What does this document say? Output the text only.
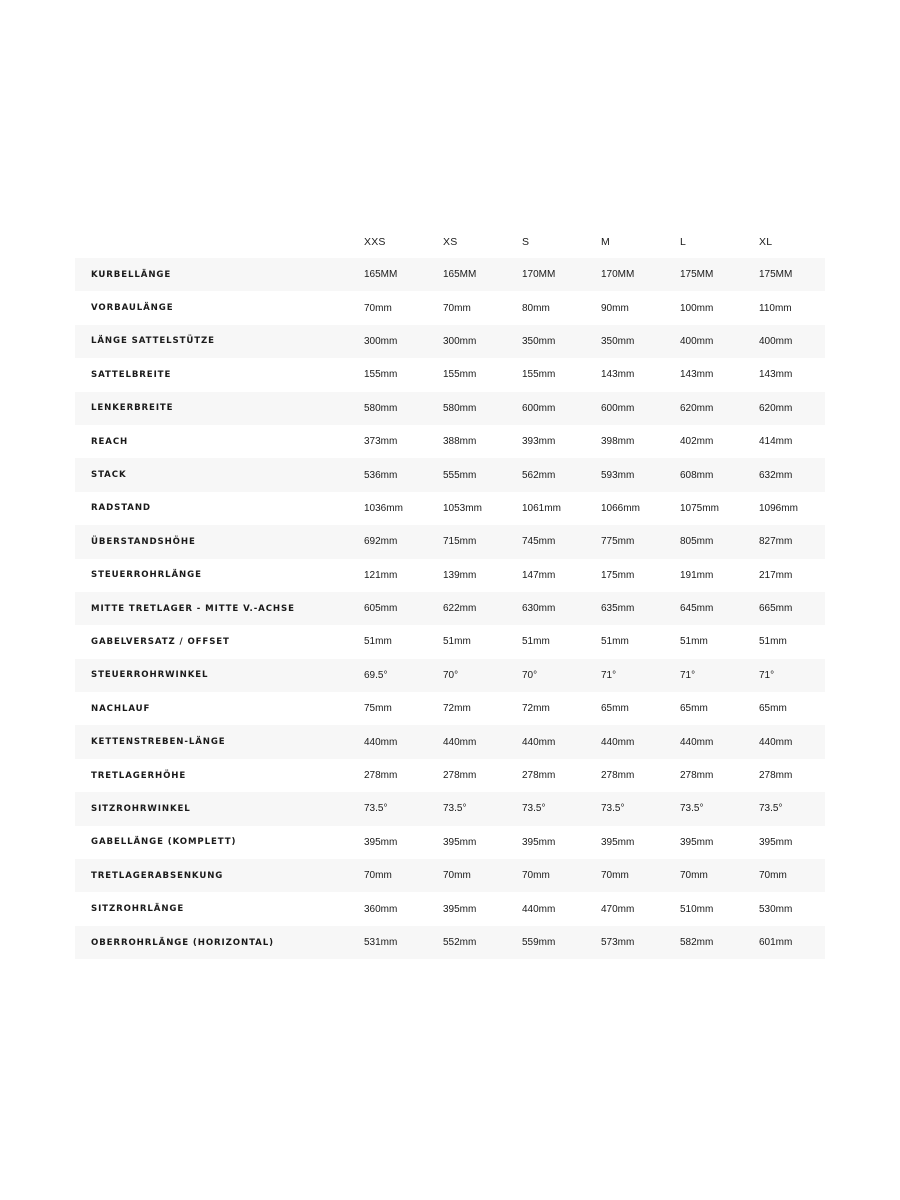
	XXS	XS	S	M	L	XL
KURBELLÄNGE	165MM	165MM	170MM	170MM	175MM	175MM
VORBAULÄNGE	70mm	70mm	80mm	90mm	100mm	110mm
LÄNGE SATTELSTÜTZE	300mm	300mm	350mm	350mm	400mm	400mm
SATTELBREITE	155mm	155mm	155mm	143mm	143mm	143mm
LENKERBREITE	580mm	580mm	600mm	600mm	620mm	620mm
REACH	373mm	388mm	393mm	398mm	402mm	414mm
STACK	536mm	555mm	562mm	593mm	608mm	632mm
RADSTAND	1036mm	1053mm	1061mm	1066mm	1075mm	1096mm
ÜBERSTANDSHÖHE	692mm	715mm	745mm	775mm	805mm	827mm
STEUERROHRLÄNGE	121mm	139mm	147mm	175mm	191mm	217mm
MITTE TRETLAGER - MITTE V.-ACHSE	605mm	622mm	630mm	635mm	645mm	665mm
GABELVERSATZ / OFFSET	51mm	51mm	51mm	51mm	51mm	51mm
STEUERROHRWINKEL	69.5°	70°	70°	71°	71°	71°
NACHLAUF	75mm	72mm	72mm	65mm	65mm	65mm
KETTENSTREBEN-LÄNGE	440mm	440mm	440mm	440mm	440mm	440mm
TRETLAGERHÖHE	278mm	278mm	278mm	278mm	278mm	278mm
SITZROHRWINKEL	73.5°	73.5°	73.5°	73.5°	73.5°	73.5°
GABELLÄNGE (KOMPLETT)	395mm	395mm	395mm	395mm	395mm	395mm
TRETLAGERABSENKUNG	70mm	70mm	70mm	70mm	70mm	70mm
SITZROHRLÄNGE	360mm	395mm	440mm	470mm	510mm	530mm
OBERROHRLÄNGE (HORIZONTAL)	531mm	552mm	559mm	573mm	582mm	601mm
